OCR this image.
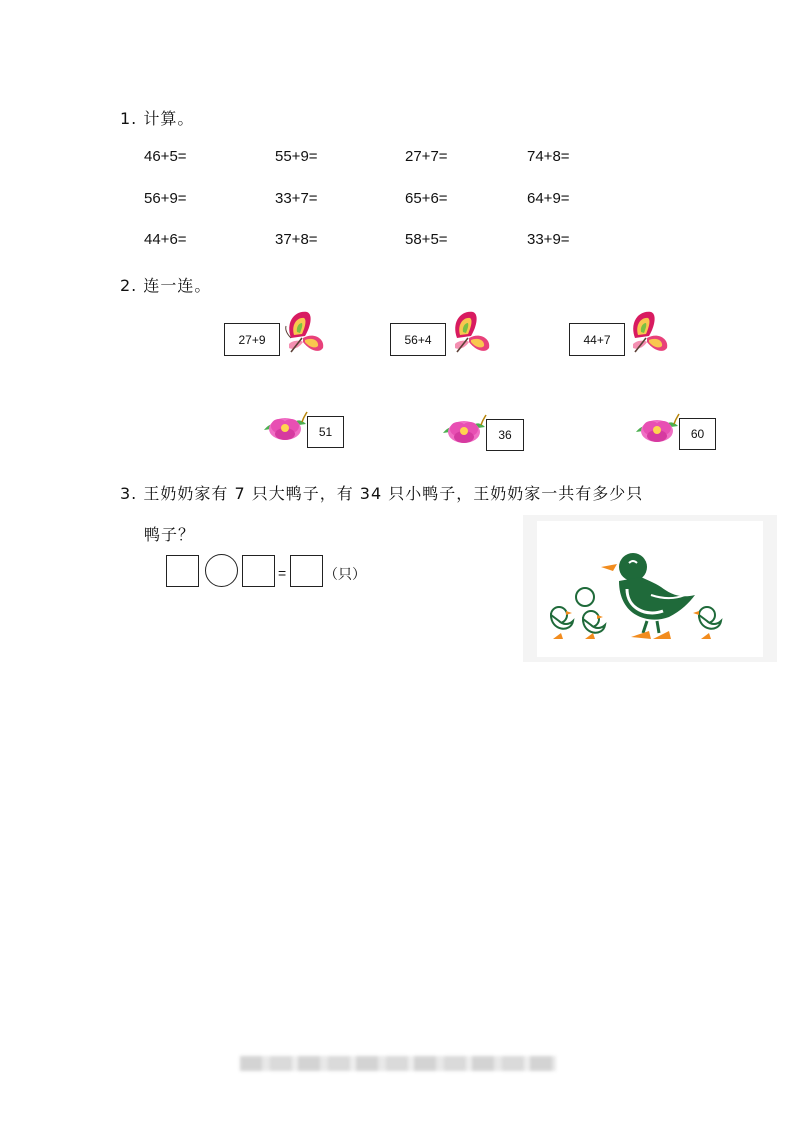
1. 计算。
46+5=	55+9=	27+7=	74+8=
56+9=	33+7=	65+6=	64+9=
44+6=	37+8=	58+5=	33+9=
2. 连一连。
27+9	56+4	44+7
51	36	60
3. 王奶奶家有 7 只大鸭子，有 34 只小鸭子，王奶奶家一共有多少只
鸭子？
=	（只）
